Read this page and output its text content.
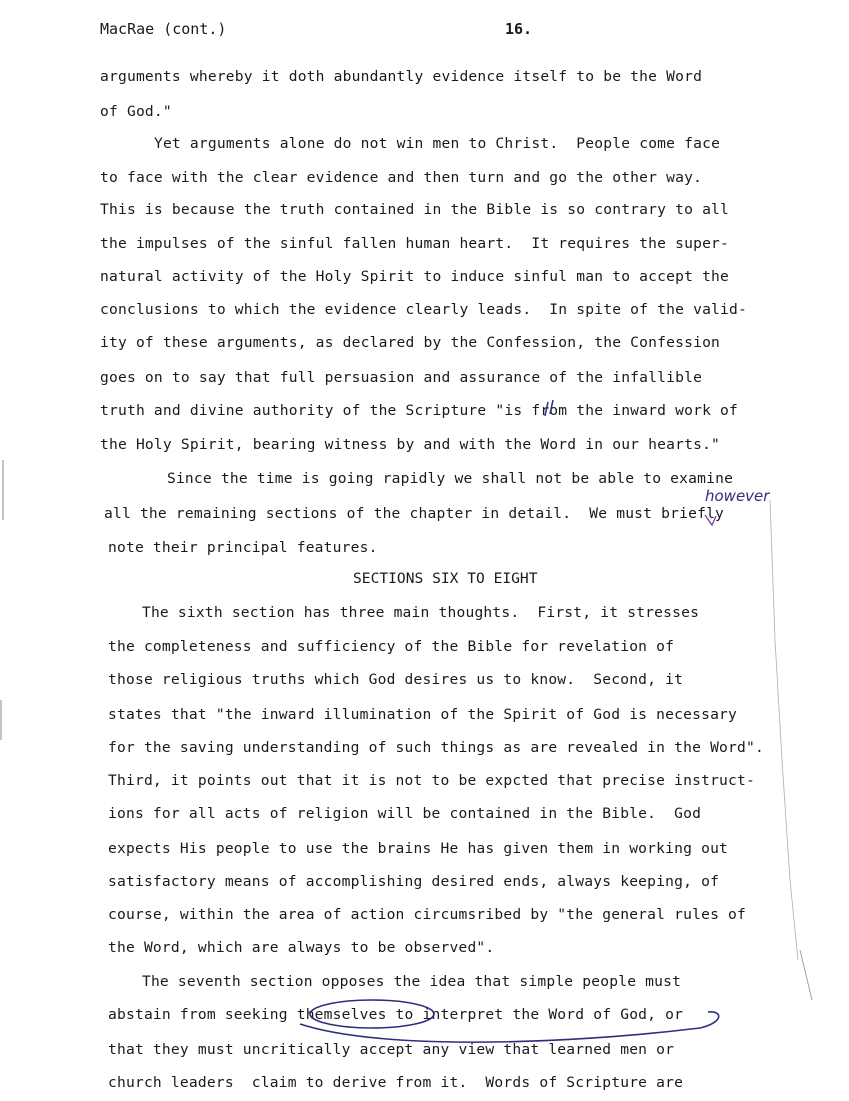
MacRae (cont.)	16.
arguments whereby it doth abundantly evidence itself to be the Word
of God."
Yet arguments alone do not win men to Christ.  People come face
to face with the clear evidence and then turn and go the other way.
This is because the truth contained in the Bible is so contrary to all
the impulses of the sinful fallen human heart.  It requires the super-
natural activity of the Holy Spirit to induce sinful man to accept the
conclusions to which the evidence clearly leads.  In spite of the valid-
ity of these arguments, as declared by the Confession, the Confession
goes on to say that full persuasion and assurance of the infallible
truth and divine authority of the Scripture "is from the inward work of
the Holy Spirit, bearing witness by and with the Word in our hearts."
Since the time is going rapidly we shall not be able to examine
all the remaining sections of the chapter in detail.  We must briefly
note their principal features.
however
SECTIONS SIX TO EIGHT
The sixth section has three main thoughts.  First, it stresses
the completeness and sufficiency of the Bible for revelation of
those religious truths which God desires us to know.  Second, it
states that "the inward illumination of the Spirit of God is necessary
for the saving understanding of such things as are revealed in the Word".
Third, it points out that it is not to be expcted that precise instruct-
ions for all acts of religion will be contained in the Bible.  God
expects His people to use the brains He has given them in working out
satisfactory means of accomplishing desired ends, always keeping, of
course, within the area of action circumsribed by "the general rules of
the Word, which are always to be observed".
The seventh section opposes the idea that simple people must
abstain from seeking themselves to interpret the Word of God, or
that they must uncritically accept any view that learned men or
church leaders  claim to derive from it.  Words of Scripture are
